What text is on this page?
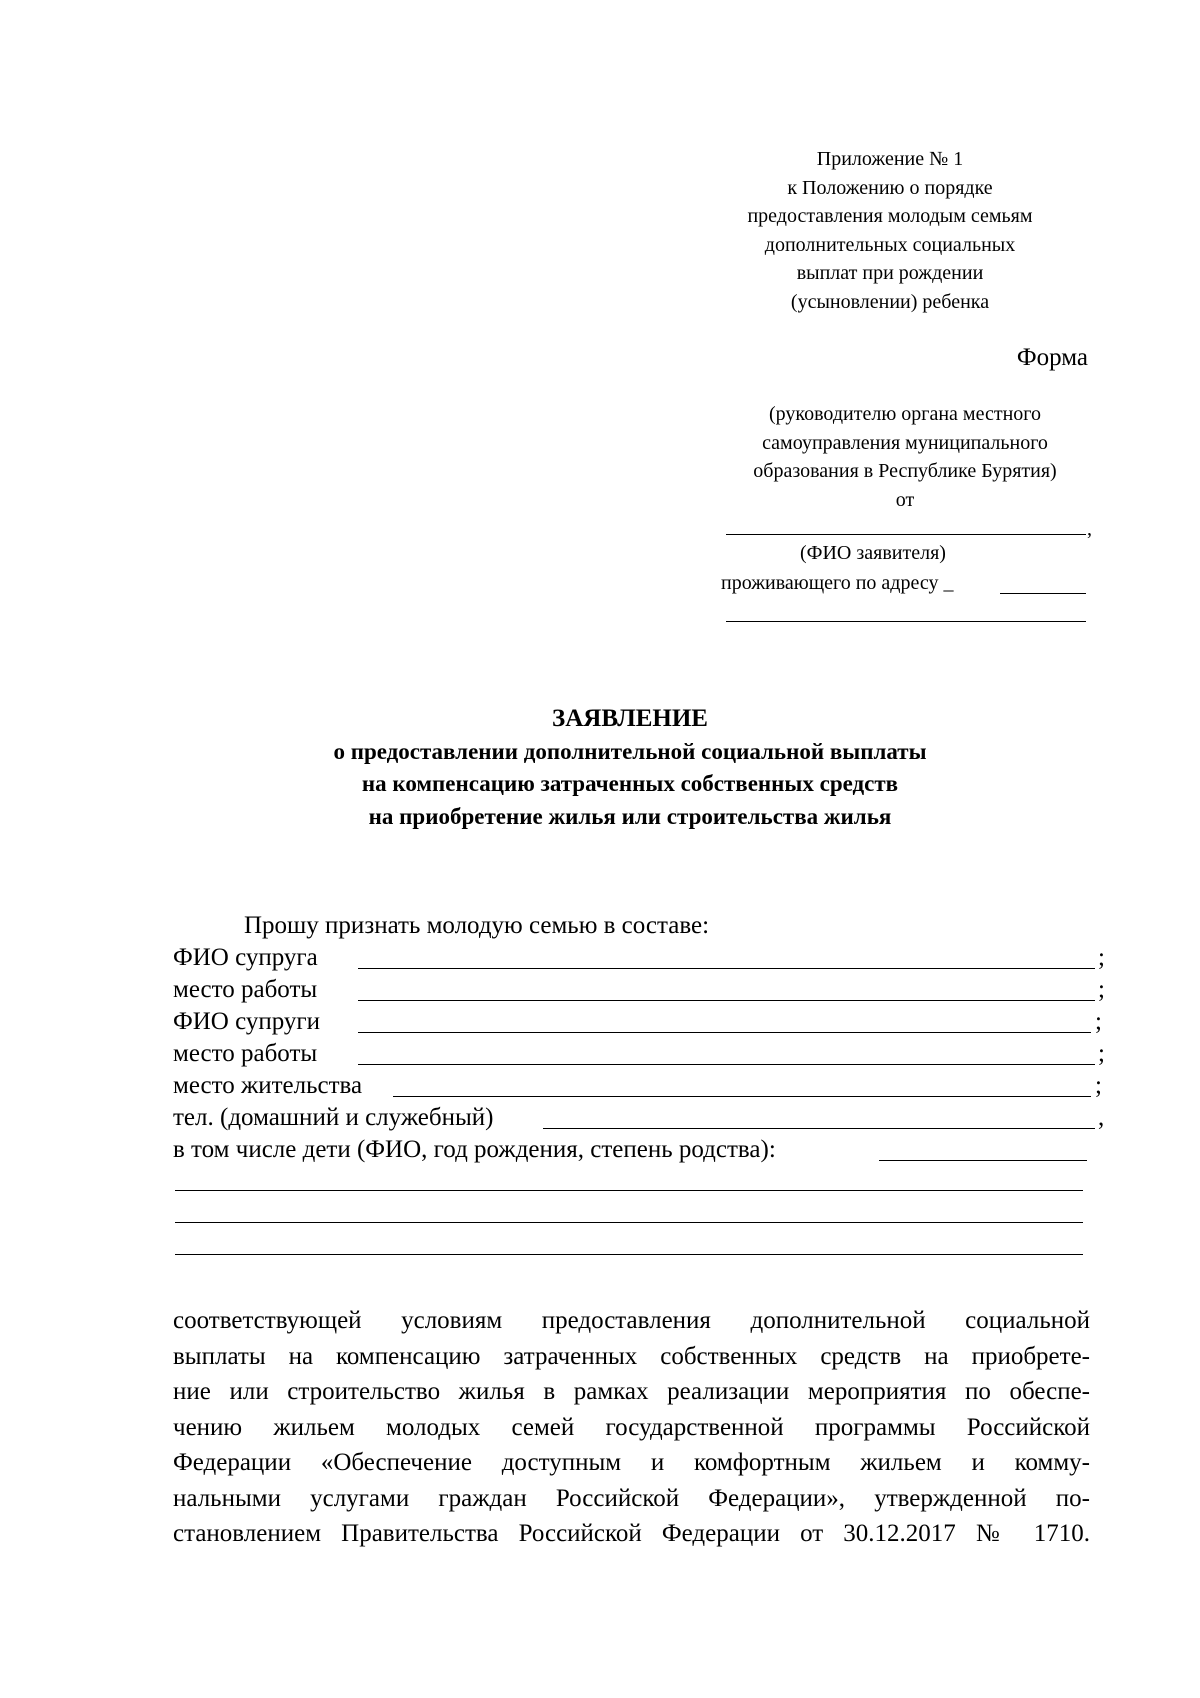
Приложение № 1
к Положению о порядке
предоставления молодым семьям
дополнительных социальных
выплат при рождении
(усыновлении) ребенка
Форма
(руководителю органа местного
самоуправления муниципального
образования в Республике Бурятия)
от
,
(ФИО заявителя)
проживающего по адресу _
ЗАЯВЛЕНИЕ
о предоставлении дополнительной социальной выплаты
на компенсацию затраченных собственных средств
на приобретение жилья или строительства жилья
Прошу признать молодую семью в составе:
ФИО супруга	;
место работы	;
ФИО супруги	;
место работы	;
место жительства	;
тел. (домашний и служебный)	,
в том числе дети (ФИО, год рождения, степень родства):
соответствующей условиям предоставления дополнительной социальной
выплаты на компенсацию затраченных собственных средств на приобрете-
ние или строительство жилья в рамках реализации мероприятия по обеспе-
чению жильем молодых семей государственной программы Российской
Федерации «Обеспечение доступным и комфортным жильем и комму-
нальными услугами граждан Российской Федерации», утвержденной по-
становлением Правительства Российской Федерации от 30.12.2017 № 1710.
